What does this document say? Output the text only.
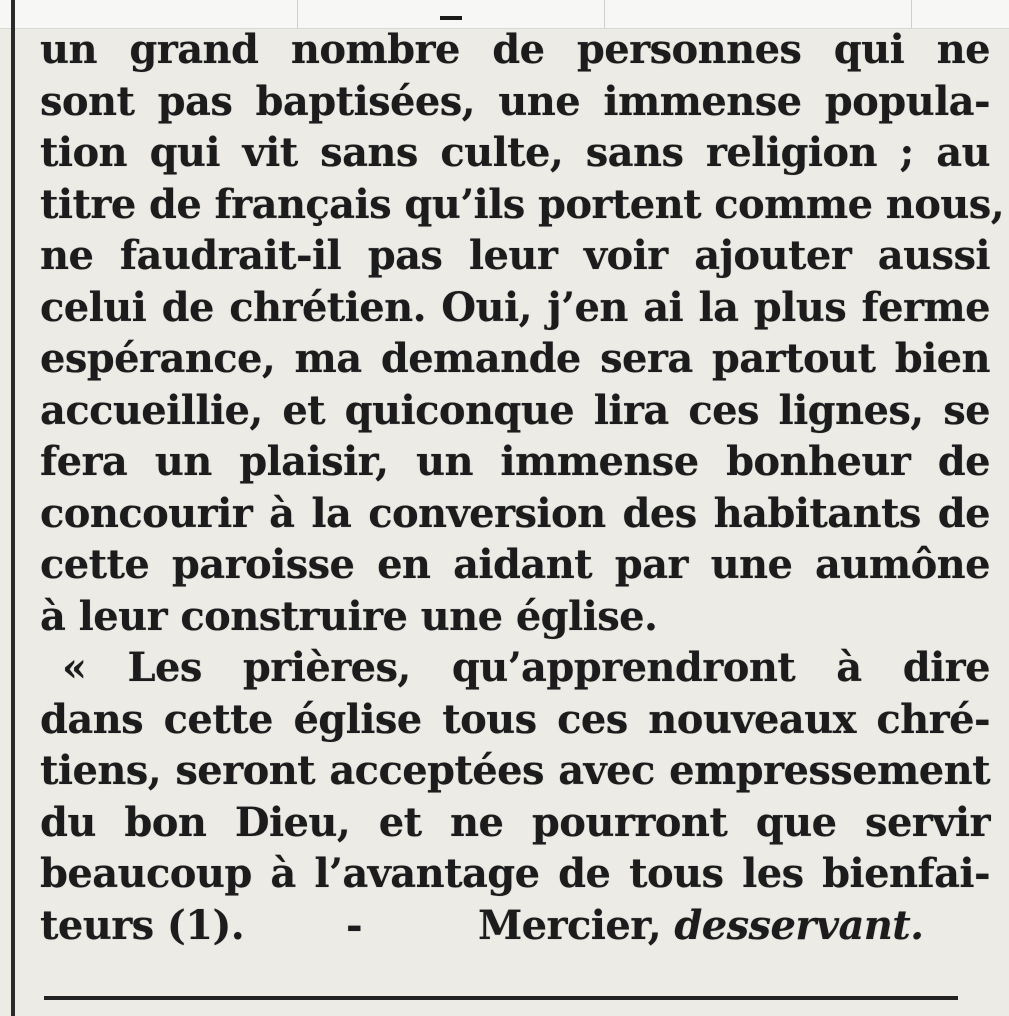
un grand nombre de personnes qui ne
sont pas baptisées, une immense popula-
tion qui vit sans culte, sans religion ; au
titre de français qu’ils portent comme nous,
ne faudrait-il pas leur voir ajouter aussi
celui de chrétien. Oui, j’en ai la plus ferme
espérance, ma demande sera partout bien
accueillie, et quiconque lira ces lignes, se
fera un plaisir, un immense bonheur de
concourir à la conversion des habitants de
cette paroisse en aidant par une aumône
à leur construire une église.
« Les prières, qu’apprendront à dire
dans cette église tous ces nouveaux chré-
tiens, seront acceptées avec empressement
du bon Dieu, et ne pourront que servir
beaucoup à l’avantage de tous les bienfai-
teurs (1).	-	Mercier, desservant.
